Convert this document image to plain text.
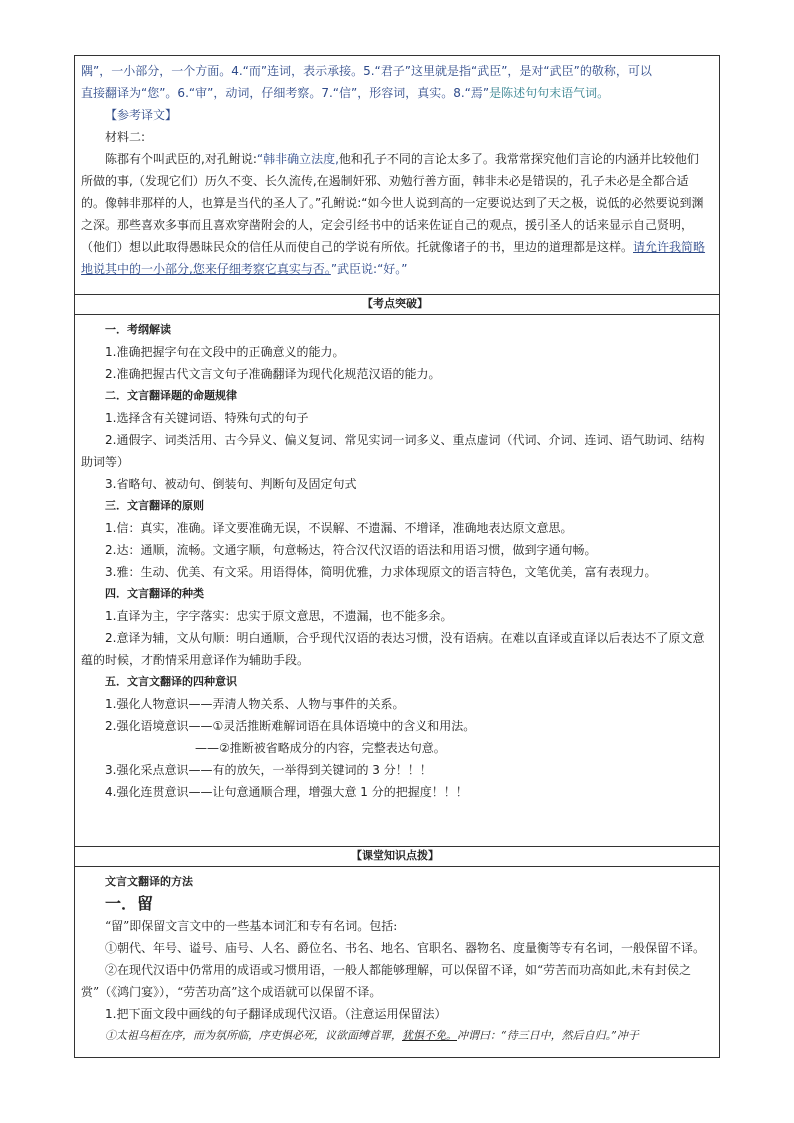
隅”，一小部分，一个方面。4.“而”连词，表示承接。5.“君子”这里就是指“武臣”，是对“武臣”的敬称，可以

直接翻译为“您”。6.“审”，动词，仔细考察。7.“信”，形容词，真实。8.“焉”是陈述句句末语气词。

【参考译文】

材料二:

陈郡有个叫武臣的,对孔鲋说:“韩非确立法度,他和孔子不同的言论太多了。我常常探究他们言论的内涵并比较他们所做的事,（发现它们）历久不变、长久流传,在遏制奸邪、劝勉行善方面，韩非未必是错误的，孔子未必是全都合适的。像韩非那样的人，也算是当代的圣人了。”孔鲋说:“如今世人说到高的一定要说达到了天之极，说低的必然要说到渊之深。那些喜欢多事而且喜欢穿凿附会的人，定会引经书中的话来佐证自己的观点，援引圣人的话来显示自己贤明，（他们）想以此取得愚昧民众的信任从而使自己的学说有所依。托就像诸子的书，里边的道理都是这样。请允许我简略地说其中的一小部分,您来仔细考察它真实与否。”武臣说:“好。”

【考点突破】

一．考纲解读

1.准确把握字句在文段中的正确意义的能力。

2.准确把握古代文言文句子准确翻译为现代化规范汉语的能力。

二．文言翻译题的命题规律

1.选择含有关键词语、特殊句式的句子

2.通假字、词类活用、古今异义、偏义复词、常见实词一词多义、重点虚词（代词、介词、连词、语气助词、结构助词等）

3.省略句、被动句、倒装句、判断句及固定句式

三．文言翻译的原则

1.信：真实，准确。译文要准确无误，不误解、不遗漏、不增译，准确地表达原文意思。

2.达：通顺，流畅。文通字顺，句意畅达，符合汉代汉语的语法和用语习惯，做到字通句畅。

3.雅：生动、优美、有文采。用语得体，简明优雅，力求体现原文的语言特色，文笔优美，富有表现力。

四．文言翻译的种类

1.直译为主，字字落实：忠实于原文意思，不遗漏，也不能多余。

2.意译为辅，文从句顺：明白通顺，合乎现代汉语的表达习惯，没有语病。在难以直译或直译以后表达不了原文意蕴的时候，才酌情采用意译作为辅助手段。

五．文言文翻译的四种意识

1.强化人物意识——弄清人物关系、人物与事件的关系。

2.强化语境意识——①灵活推断难解词语在具体语境中的含义和用法。

——②推断被省略成分的内容，完整表达句意。

3.强化采点意识——有的放矢，一举得到关键词的 3 分！！！

4.强化连贯意识——让句意通顺合理，增强大意 1 分的把握度！！！

【课堂知识点拨】

文言文翻译的方法

一．留

“留”即保留文言文中的一些基本词汇和专有名词。包括:

①朝代、年号、谥号、庙号、人名、爵位名、书名、地名、官职名、器物名、度量衡等专有名词，一般保留不译。

②在现代汉语中仍常用的成语或习惯用语，一般人都能够理解，可以保留不译，如“劳苦而功高如此,未有封侯之赏”（《鸿门宴》），“劳苦功高”这个成语就可以保留不译。

1.把下面文段中画线的句子翻译成现代汉语。（注意运用保留法）

①太祖乌桓在序，而为氛所临，序吏惧必死，议欲面缚首罪，犹惧不免。冲谓曰：“待三日中，然后自归。”冲于
